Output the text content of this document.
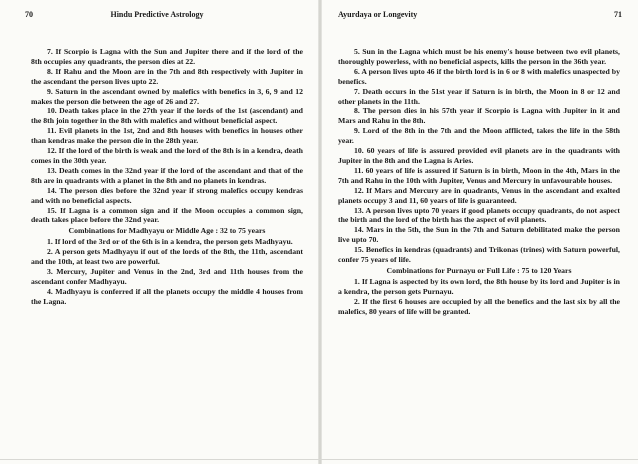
70	Hindu Predictive Astrology

7. If Scorpio is Lagna with the Sun and Jupiter there and if the lord of the 8th occupies any quadrants, the person dies at 22.

8. If Rahu and the Moon are in the 7th and 8th respectively with Jupiter in the ascendant the person lives upto 22.

9. Saturn in the ascendant owned by malefics with benefics in 3, 6, 9 and 12 makes the person die between the age of 26 and 27.

10. Death takes place in the 27th year if the lords of the 1st (ascendant) and the 8th join together in the 8th with malefics and without beneficial aspect.

11. Evil planets in the 1st, 2nd and 8th houses with benefics in houses other than kendras make the person die in the 28th year.

12. If the lord of the birth is weak and the lord of the 8th is in a kendra, death comes in the 30th year.

13. Death comes in the 32nd year if the lord of the ascendant and that of the 8th are in quadrants with a planet in the 8th and no planets in kendras.

14. The person dies before the 32nd year if strong malefics occupy kendras and with no beneficial aspects.

15. If Lagna is a common sign and if the Moon occupies a common sign, death takes place before the 32nd year.

Combinations for Madhyayu or Middle Age : 32 to 75 years

1. If lord of the 3rd or of the 6th is in a kendra, the person gets Madhyayu.

2. A person gets Madhyayu if out of the lords of the 8th, the 11th, ascendant and the 10th, at least two are powerful.

3. Mercury, Jupiter and Venus in the 2nd, 3rd and 11th houses from the ascendant confer Madhyayu.

4. Madhyayu is conferred if all the planets occupy the middle 4 houses from the Lagna.

Ayurdaya or Longevity	71

5. Sun in the Lagna which must be his enemy's house between two evil planets, thoroughly powerless, with no beneficial aspects, kills the person in the 36th year.

6. A person lives upto 46 if the birth lord is in 6 or 8 with malefics unaspected by benefics.

7. Death occurs in the 51st year if Saturn is in birth, the Moon in 8 or 12 and other planets in the 11th.

8. The person dies in his 57th year if Scorpio is Lagna with Jupiter in it and Mars and Rahu in the 8th.

9. Lord of the 8th in the 7th and the Moon afflicted, takes the life in the 58th year.

10. 60 years of life is assured provided evil planets are in the quadrants with Jupiter in the 8th and the Lagna is Aries.

11. 60 years of life is assured if Saturn is in birth, Moon in the 4th, Mars in the 7th and Rahu in the 10th with Jupiter, Venus and Mercury in unfavourable houses.

12. If Mars and Mercury are in quadrants, Venus in the ascendant and exalted planets occupy 3 and 11, 60 years of life is guaranteed.

13. A person lives upto 70 years if good planets occupy quadrants, do not aspect the birth and the lord of the birth has the aspect of evil planets.

14. Mars in the 5th, the Sun in the 7th and Saturn debilitated make the person live upto 70.

15. Benefics in kendras (quadrants) and Trikonas (trines) with Saturn powerful, confer 75 years of life.

Combinations for Purnayu or Full Life : 75 to 120 Years

1. If Lagna is aspected by its own lord, the 8th house by its lord and Jupiter is in a kendra, the person gets Purnayu.

2. If the first 6 houses are occupied by all the benefics and the last six by all the malefics, 80 years of life will be granted.
